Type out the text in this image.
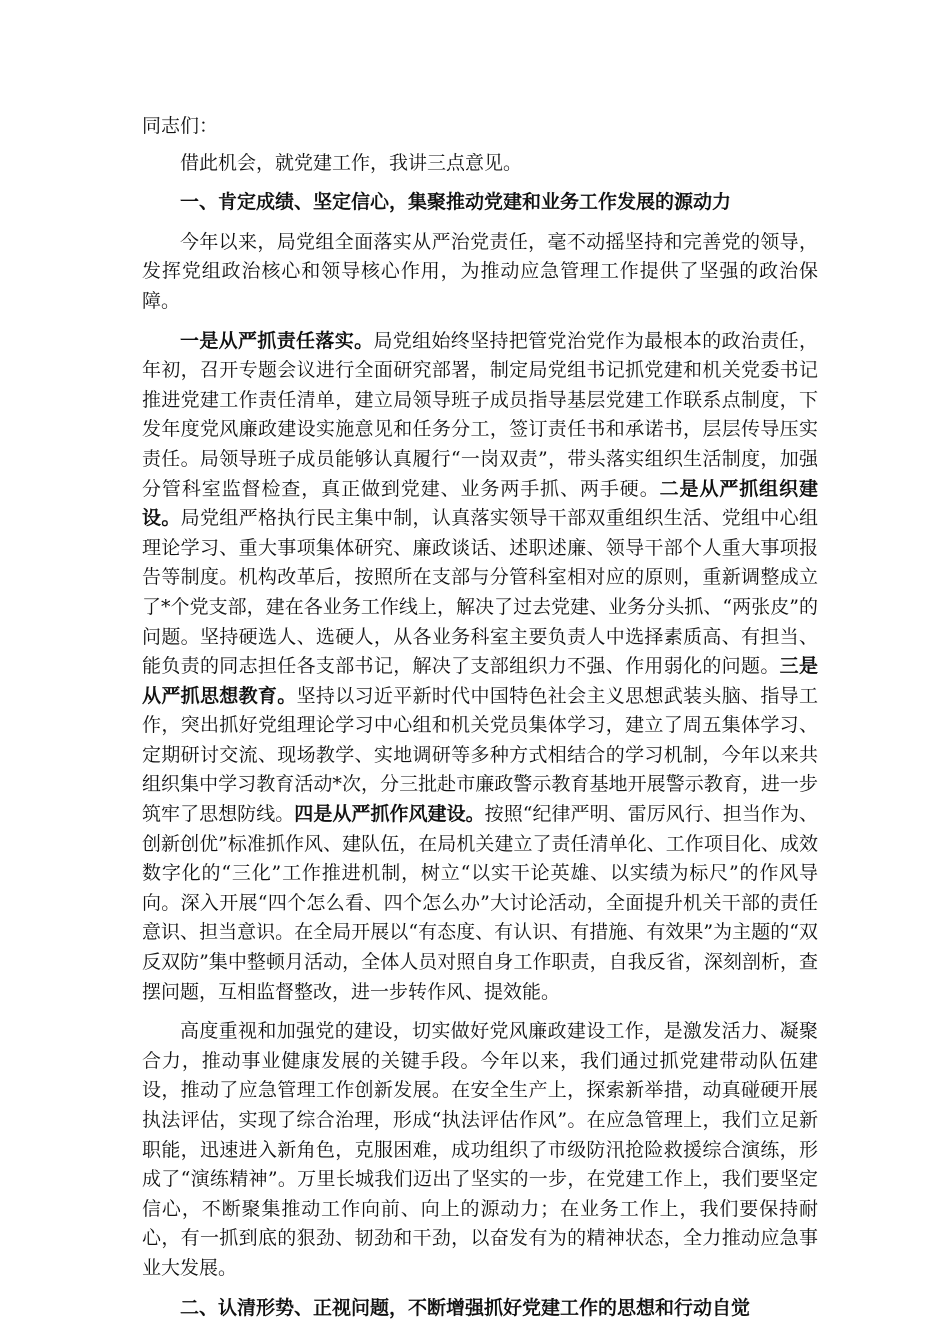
同志们：

借此机会，就党建工作，我讲三点意见。

一、肯定成绩、坚定信心，集聚推动党建和业务工作发展的源动力

今年以来，局党组全面落实从严治党责任，毫不动摇坚持和完善党的领导，发挥党组政治核心和领导核心作用，为推动应急管理工作提供了坚强的政治保障。

一是从严抓责任落实。局党组始终坚持把管党治党作为最根本的政治责任，年初，召开专题会议进行全面研究部署，制定局党组书记抓党建和机关党委书记推进党建工作责任清单，建立局领导班子成员指导基层党建工作联系点制度，下发年度党风廉政建设实施意见和任务分工，签订责任书和承诺书，层层传导压实责任。局领导班子成员能够认真履行“一岗双责”，带头落实组织生活制度，加强分管科室监督检查，真正做到党建、业务两手抓、两手硬。二是从严抓组织建设。局党组严格执行民主集中制，认真落实领导干部双重组织生活、党组中心组理论学习、重大事项集体研究、廉政谈话、述职述廉、领导干部个人重大事项报告等制度。机构改革后，按照所在支部与分管科室相对应的原则，重新调整成立了*个党支部，建在各业务工作线上，解决了过去党建、业务分头抓、“两张皮”的问题。坚持硬选人、选硬人，从各业务科室主要负责人中选择素质高、有担当、能负责的同志担任各支部书记，解决了支部组织力不强、作用弱化的问题。三是从严抓思想教育。坚持以习近平新时代中国特色社会主义思想武装头脑、指导工作，突出抓好党组理论学习中心组和机关党员集体学习，建立了周五集体学习、定期研讨交流、现场教学、实地调研等多种方式相结合的学习机制，今年以来共组织集中学习教育活动*次，分三批赴市廉政警示教育基地开展警示教育，进一步筑牢了思想防线。四是从严抓作风建设。按照“纪律严明、雷厉风行、担当作为、创新创优”标准抓作风、建队伍，在局机关建立了责任清单化、工作项目化、成效数字化的“三化”工作推进机制，树立“以实干论英雄、以实绩为标尺”的作风导向。深入开展“四个怎么看、四个怎么办”大讨论活动，全面提升机关干部的责任意识、担当意识。在全局开展以“有态度、有认识、有措施、有效果”为主题的“双反双防”集中整顿月活动，全体人员对照自身工作职责，自我反省，深刻剖析，查摆问题，互相监督整改，进一步转作风、提效能。

高度重视和加强党的建设，切实做好党风廉政建设工作，是激发活力、凝聚合力，推动事业健康发展的关键手段。今年以来，我们通过抓党建带动队伍建设，推动了应急管理工作创新发展。在安全生产上，探索新举措，动真碰硬开展执法评估，实现了综合治理，形成“执法评估作风”。在应急管理上，我们立足新职能，迅速进入新角色，克服困难，成功组织了市级防汛抢险救援综合演练，形成了“演练精神”。万里长城我们迈出了坚实的一步，在党建工作上，我们要坚定信心，不断聚集推动工作向前、向上的源动力；在业务工作上，我们要保持耐心，有一抓到底的狠劲、韧劲和干劲，以奋发有为的精神状态，全力推动应急事业大发展。

二、认清形势、正视问题，不断增强抓好党建工作的思想和行动自觉
